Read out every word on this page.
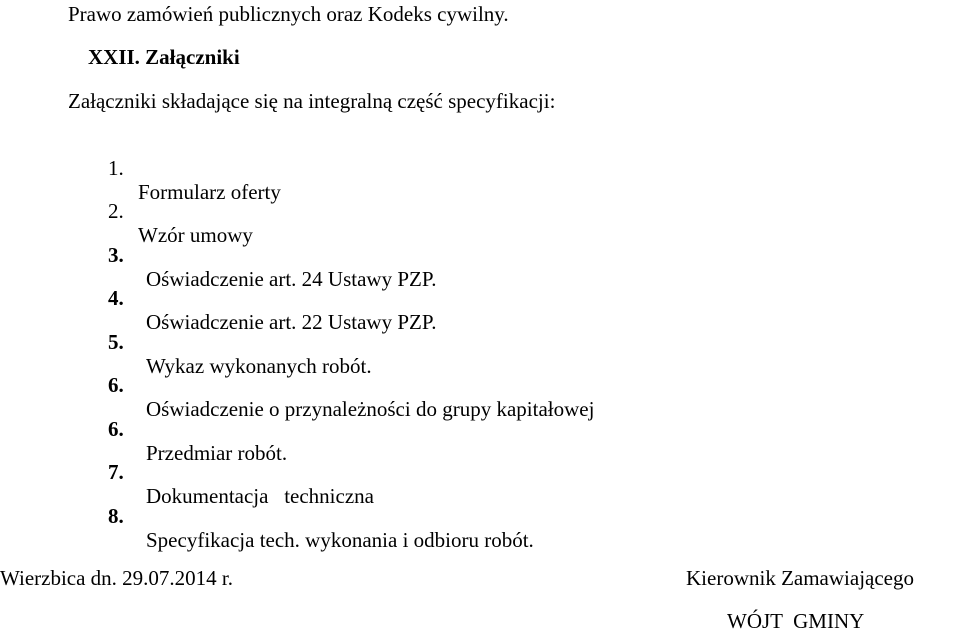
Prawo zamówień publicznych oraz Kodeks cywilny.
XXII. Załączniki
Załączniki składające się na integralną część specyfikacji:

1.

Formularz oferty

2.

Wzór umowy

3.

Oświadczenie art. 24 Ustawy PZP.

4.

Oświadczenie art. 22 Ustawy PZP.

5.

Wykaz wykonanych robót.

6.

Oświadczenie o przynależności do grupy kapitałowej

6.

Przedmiar robót.

7.

Dokumentacja   techniczna

8.

Specyfikacja tech. wykonania i odbioru robót.

Wierzbica dn. 29.07.2014 r.	Kierownik Zamawiającego
WÓJT  GMINY
